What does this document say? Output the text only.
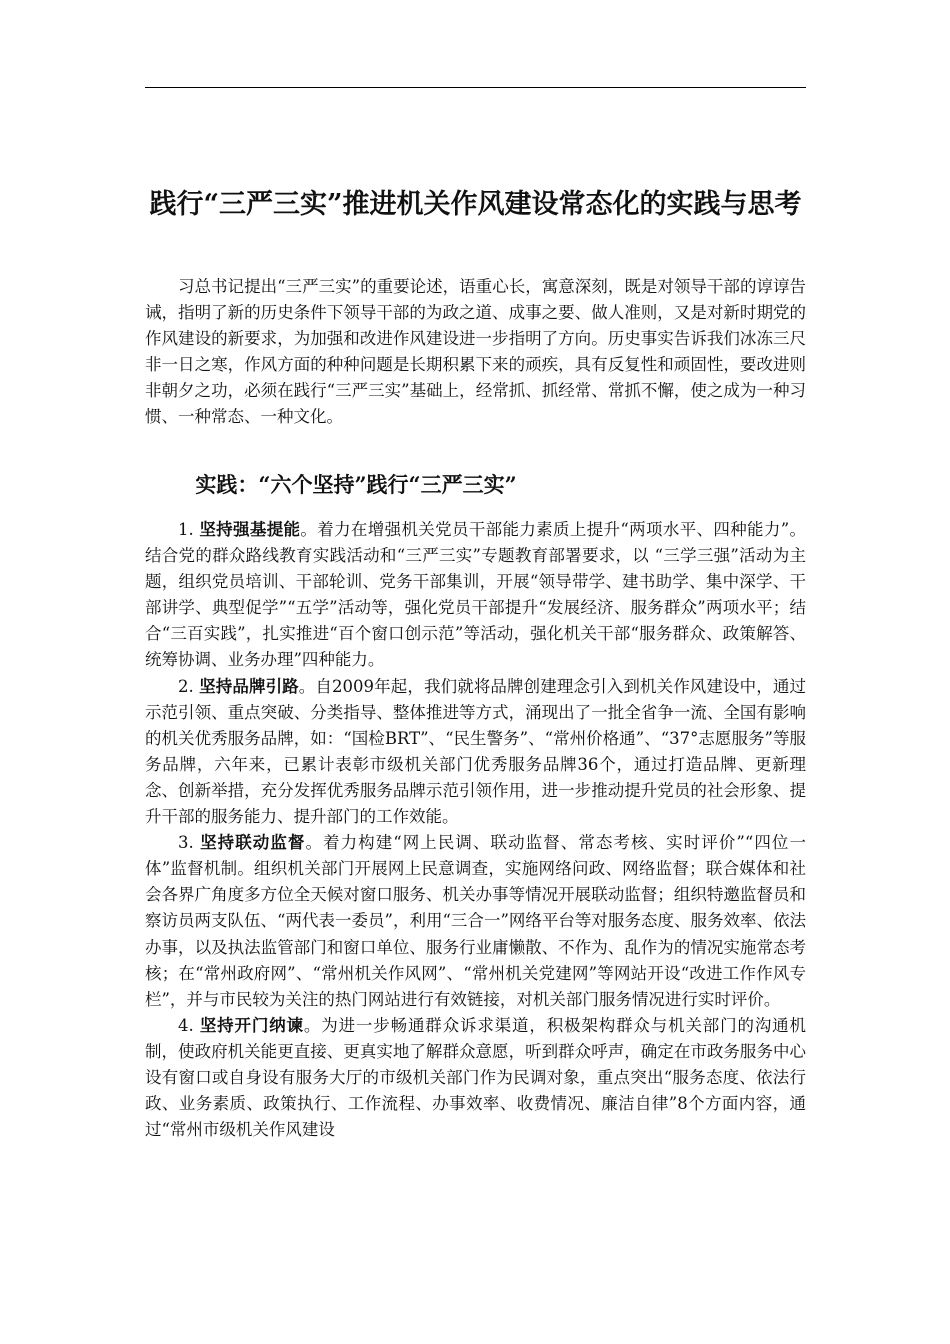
践行“三严三实”推进机关作风建设常态化的实践与思考

习总书记提出“三严三实”的重要论述，语重心长，寓意深刻，既是对领导干部的谆谆告诫，指明了新的历史条件下领导干部的为政之道、成事之要、做人准则，又是对新时期党的作风建设的新要求，为加强和改进作风建设进一步指明了方向。历史事实告诉我们冰冻三尺非一日之寒，作风方面的种种问题是长期积累下来的顽疾，具有反复性和顽固性，要改进则非朝夕之功，必须在践行“三严三实”基础上，经常抓、抓经常、常抓不懈，使之成为一种习惯、一种常态、一种文化。

实践：“六个坚持”践行“三严三实”

1. 坚持强基提能。着力在增强机关党员干部能力素质上提升“两项水平、四种能力”。结合党的群众路线教育实践活动和“三严三实”专题教育部署要求，以 “三学三强”活动为主题，组织党员培训、干部轮训、党务干部集训，开展“领导带学、建书助学、集中深学、干部讲学、典型促学”“五学”活动等，强化党员干部提升“发展经济、服务群众”两项水平；结合“三百实践”，扎实推进“百个窗口创示范”等活动，强化机关干部“服务群众、政策解答、统筹协调、业务办理”四种能力。

2. 坚持品牌引路。自2009年起，我们就将品牌创建理念引入到机关作风建设中，通过示范引领、重点突破、分类指导、整体推进等方式，涌现出了一批全省争一流、全国有影响的机关优秀服务品牌，如：“国检BRT”、“民生警务”、“常州价格通”、“37°志愿服务”等服务品牌，六年来，已累计表彰市级机关部门优秀服务品牌36个，通过打造品牌、更新理念、创新举措，充分发挥优秀服务品牌示范引领作用，进一步推动提升党员的社会形象、提升干部的服务能力、提升部门的工作效能。

3. 坚持联动监督。着力构建“网上民调、联动监督、常态考核、实时评价”“四位一体”监督机制。组织机关部门开展网上民意调查，实施网络问政、网络监督；联合媒体和社会各界广角度多方位全天候对窗口服务、机关办事等情况开展联动监督；组织特邀监督员和察访员两支队伍、“两代表一委员”，利用“三合一”网络平台等对服务态度、服务效率、依法办事，以及执法监管部门和窗口单位、服务行业庸懒散、不作为、乱作为的情况实施常态考核；在“常州政府网”、“常州机关作风网”、“常州机关党建网”等网站开设“改进工作作风专栏”，并与市民较为关注的热门网站进行有效链接，对机关部门服务情况进行实时评价。

4. 坚持开门纳谏。为进一步畅通群众诉求渠道，积极架构群众与机关部门的沟通机制，使政府机关能更直接、更真实地了解群众意愿，听到群众呼声，确定在市政务服务中心设有窗口或自身设有服务大厅的市级机关部门作为民调对象，重点突出“服务态度、依法行政、业务素质、政策执行、工作流程、办事效率、收费情况、廉洁自律”8个方面内容，通过“常州市级机关作风建设
